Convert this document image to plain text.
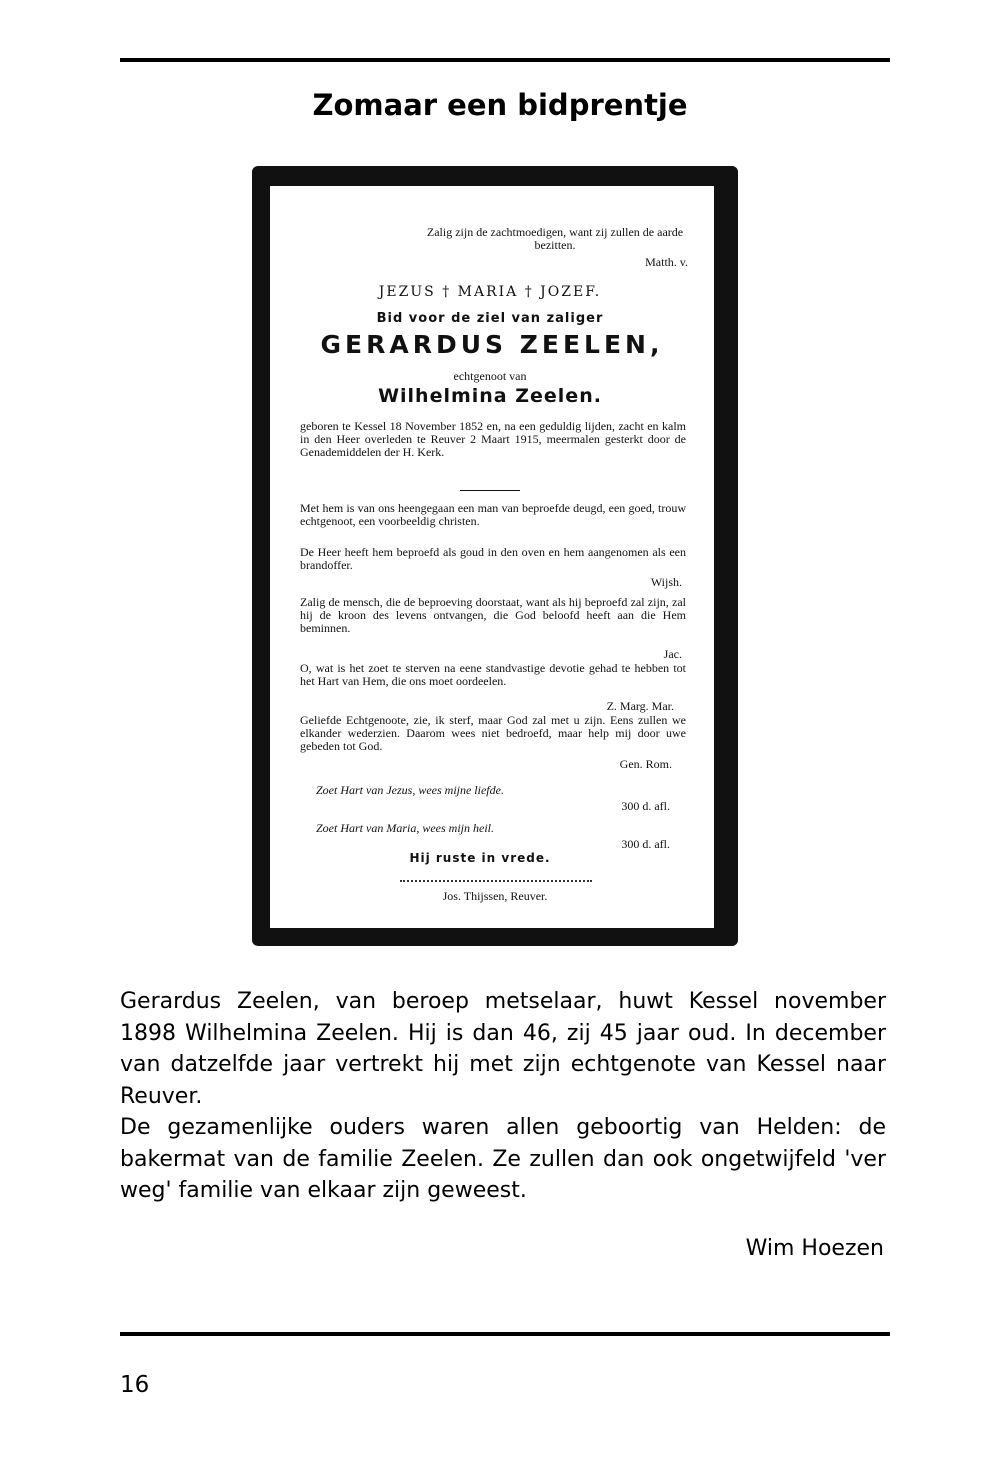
Zomaar een bidprentje
Zalig zijn de zachtmoedigen, want zij zullen de aarde bezitten.
Matth. v.
JEZUS † MARIA † JOZEF.
Bid voor de ziel van zaliger
GERARDUS ZEELEN,
echtgenoot van
Wilhelmina Zeelen.
geboren te Kessel 18 November 1852 en, na een geduldig lijden, zacht en kalm in den Heer overleden te Reuver 2 Maart 1915, meermalen gesterkt door de Genademiddelen der H. Kerk.
Met hem is van ons heengegaan een man van beproefde deugd, een goed, trouw echtgenoot, een voorbeeldig christen.
De Heer heeft hem beproefd als goud in den oven en hem aangenomen als een brandoffer.
Wijsh.
Zalig de mensch, die de beproeving doorstaat, want als hij beproefd zal zijn, zal hij de kroon des levens ontvangen, die God beloofd heeft aan die Hem beminnen.
Jac.
O, wat is het zoet te sterven na eene standvastige devotie gehad te hebben tot het Hart van Hem, die ons moet oordeelen.
Z. Marg. Mar.
Geliefde Echtgenoote, zie, ik sterf, maar God zal met u zijn. Eens zullen we elkander wederzien. Daarom wees niet bedroefd, maar help mij door uwe gebeden tot God.
Gen. Rom.
Zoet Hart van Jezus, wees mijne liefde.
300 d. afl.
Zoet Hart van Maria, wees mijn heil.
300 d. afl.
Hij ruste in vrede.
Jos. Thijssen, Reuver.
Gerardus Zeelen, van beroep metselaar, huwt Kessel november 1898 Wilhelmina Zeelen. Hij is dan 46, zij 45 jaar oud. In december van datzelfde jaar vertrekt hij met zijn echtgenote van Kessel naar Reuver.
De gezamenlijke ouders waren allen geboortig van Helden: de bakermat van de familie Zeelen. Ze zullen dan ook ongetwijfeld 'ver weg' familie van elkaar zijn geweest.
Wim Hoezen
16
